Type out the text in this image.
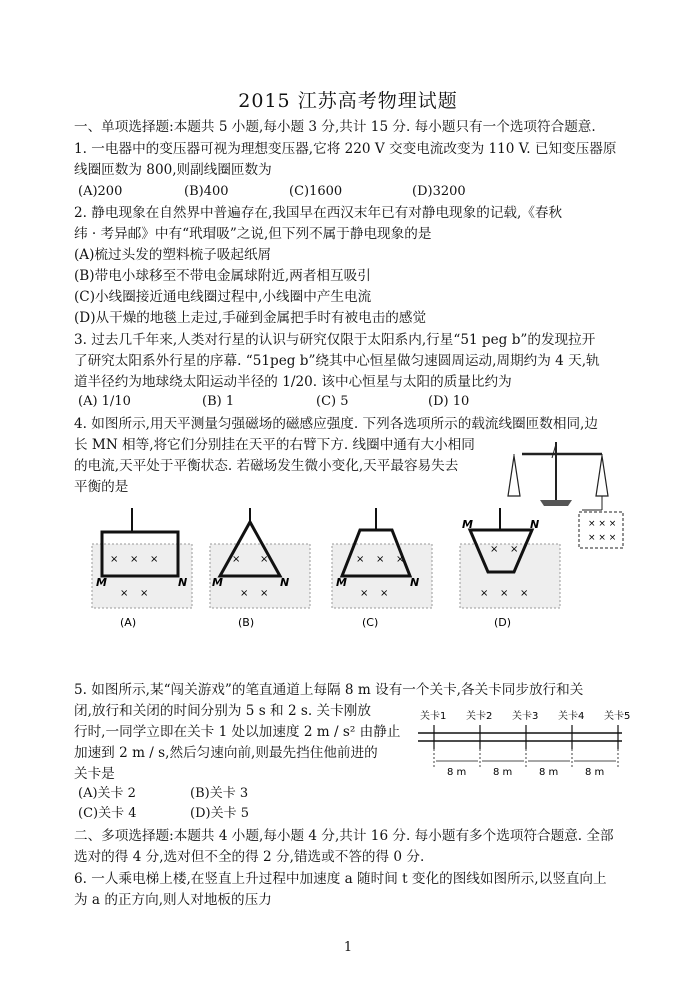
2015 江苏高考物理试题
一、单项选择题:本题共 5 小题,每小题 3 分,共计 15 分. 每小题只有一个选项符合题意.
1. 一电器中的变压器可视为理想变压器,它将 220 V 交变电流改变为 110 V. 已知变压器原
线圈匝数为 800,则副线圈匝数为
(A)200	(B)400	(C)1600	(D)3200
2. 静电现象在自然界中普遍存在,我国早在西汉末年已有对静电现象的记载,《春秋
纬 · 考异邮》中有“玳瑁吸”之说,但下列不属于静电现象的是
(A)梳过头发的塑料梳子吸起纸屑
(B)带电小球移至不带电金属球附近,两者相互吸引
(C)小线圈接近通电线圈过程中,小线圈中产生电流
(D)从干燥的地毯上走过,手碰到金属把手时有被电击的感觉
3. 过去几千年来,人类对行星的认识与研究仅限于太阳系内,行星“51 peg b”的发现拉开
了研究太阳系外行星的序幕. “51peg b”绕其中心恒星做匀速圆周运动,周期约为 4 天,轨
道半径约为地球绕太阳运动半径的 1/20. 该中心恒星与太阳的质量比约为
(A) 1/10	(B) 1	(C) 5	(D) 10
4. 如图所示,用天平测量匀强磁场的磁感应强度. 下列各选项所示的载流线圈匝数相同,边
长 MN 相等,将它们分别挂在天平的右臂下方. 线圈中通有大小相同
的电流,天平处于平衡状态. 若磁场发生微小变化,天平最容易失去
平衡的是
× × ×
× × ×
× × ×
× ×
M	N
(A)
× ×
× ×
M	N
(B)
× × ×
× ×
M	N
(C)
× ×
× × ×
M	N
(D)
5. 如图所示,某“闯关游戏”的笔直通道上每隔 8 m 设有一个关卡,各关卡同步放行和关
闭,放行和关闭的时间分别为 5 s 和 2 s. 关卡刚放
行时,一同学立即在关卡 1 处以加速度 2 m / s² 由静止
加速到 2 m / s,然后匀速向前,则最先挡住他前进的
关卡是
(A)关卡 2	(B)关卡 3
(C)关卡 4	(D)关卡 5
关卡1 关卡2 关卡3 关卡4 关卡5
8 m	8 m	8 m	8 m
二、多项选择题:本题共 4 小题,每小题 4 分,共计 16 分. 每小题有多个选项符合题意. 全部
选对的得 4 分,选对但不全的得 2 分,错选或不答的得 0 分.
6. 一人乘电梯上楼,在竖直上升过程中加速度 a 随时间 t 变化的图线如图所示,以竖直向上
为 a 的正方向,则人对地板的压力
1
